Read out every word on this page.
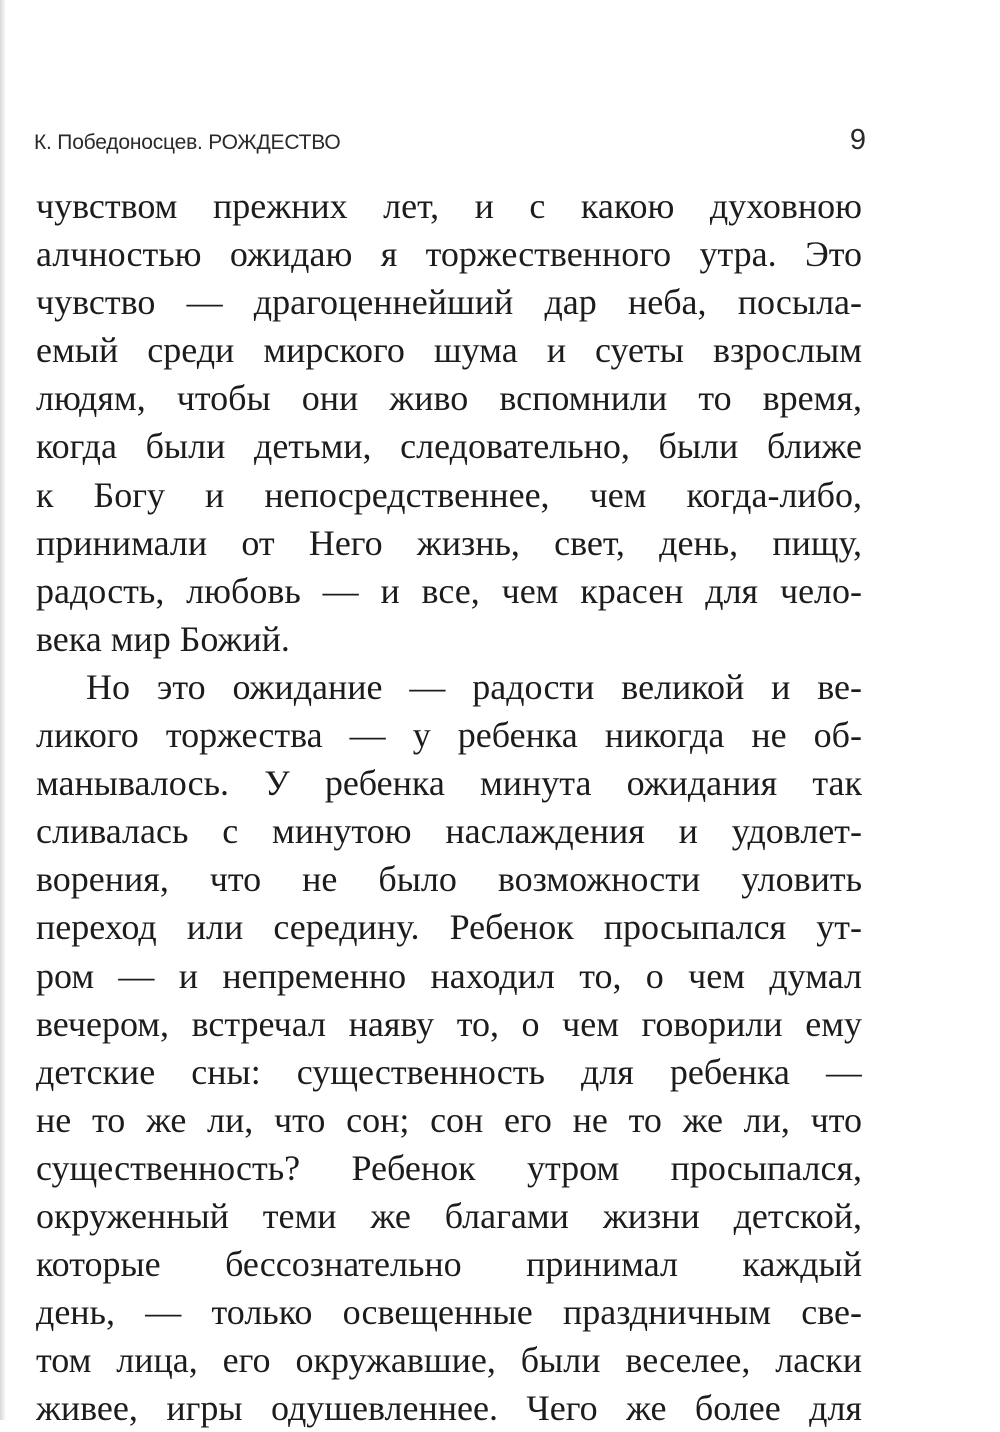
К. Победоносцев. РОЖДЕСТВО	9
чувством прежних лет, и с какою духовною
алчностью ожидаю я торжественного утра. Это
чувство — драгоценнейший дар неба, посыла-
емый среди мирского шума и суеты взрослым
людям, чтобы они живо вспомнили то время,
когда были детьми, следовательно, были ближе
к Богу и непосредственнее, чем когда-либо,
принимали от Него жизнь, свет, день, пищу,
радость, любовь — и все, чем красен для чело-
века мир Божий.
Но это ожидание — радости великой и ве-
ликого торжества — у ребенка никогда не об-
манывалось. У ребенка минута ожидания так
сливалась с минутою наслаждения и удовлет-
ворения, что не было возможности уловить
переход или середину. Ребенок просыпался ут-
ром — и непременно находил то, о чем думал
вечером, встречал наяву то, о чем говорили ему
детские сны: существенность для ребенка —
не то же ли, что сон; сон его не то же ли, что
существенность? Ребенок утром просыпался,
окруженный теми же благами жизни детской,
которые бессознательно принимал каждый
день, — только освещенные праздничным све-
том лица, его окружавшие, были веселее, ласки
живее, игры одушевленнее. Чего же более для
